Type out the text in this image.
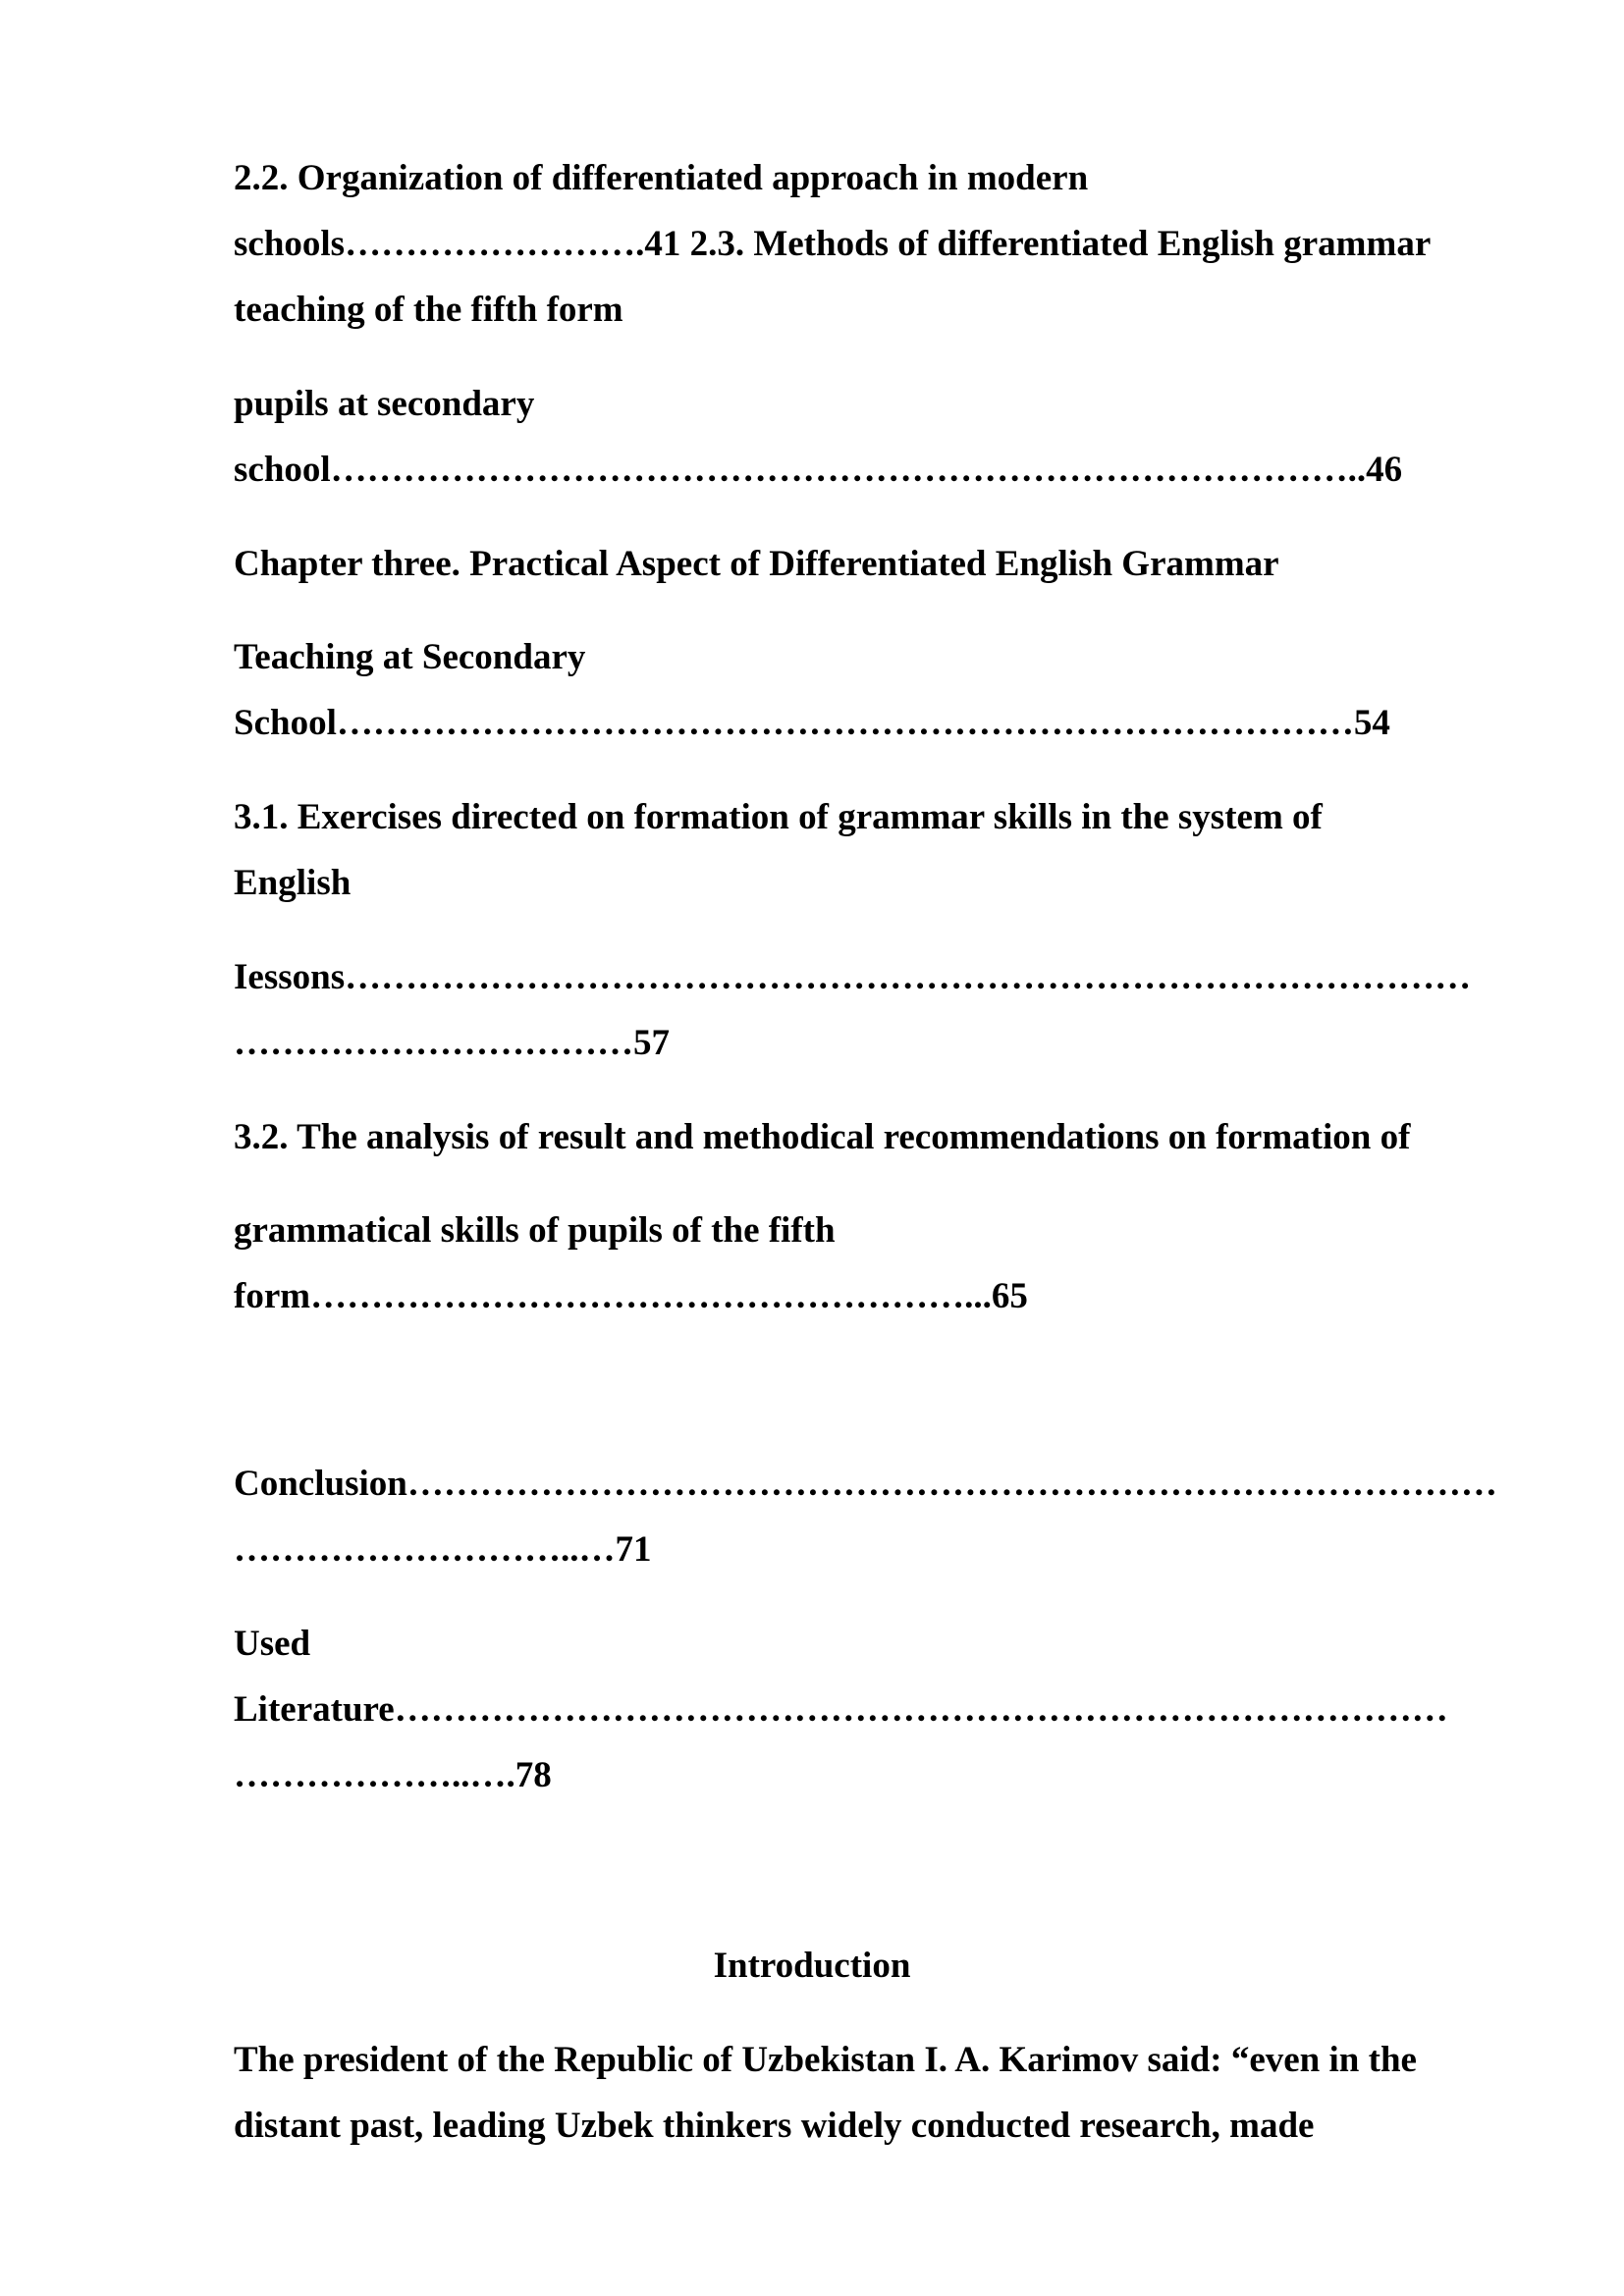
2.2. Organization of differentiated approach in modern
schools…………………….41 2.3. Methods of differentiated English grammar
teaching of the fifth form
pupils at secondary
school…………………………………………………………………………..46
Chapter three. Practical Aspect of Differentiated English Grammar
Teaching at Secondary
School…………………………………………………………………………54
3.1. Exercises directed on formation of grammar skills in the system of
English
Iessons…………………………………………………………………………………
……………………………57
3.2. The analysis of result and methodical recommendations on formation of
grammatical skills of pupils of the fifth
form………………………………………………...65
Conclusion………………………………………………………………………………
………………………..…71
Used
Literature……………………………………………………………………………
………………..….78
Introduction
The president of the Republic of Uzbekistan I. A. Karimov said: “even in the
distant past, leading Uzbek thinkers widely conducted research, made
